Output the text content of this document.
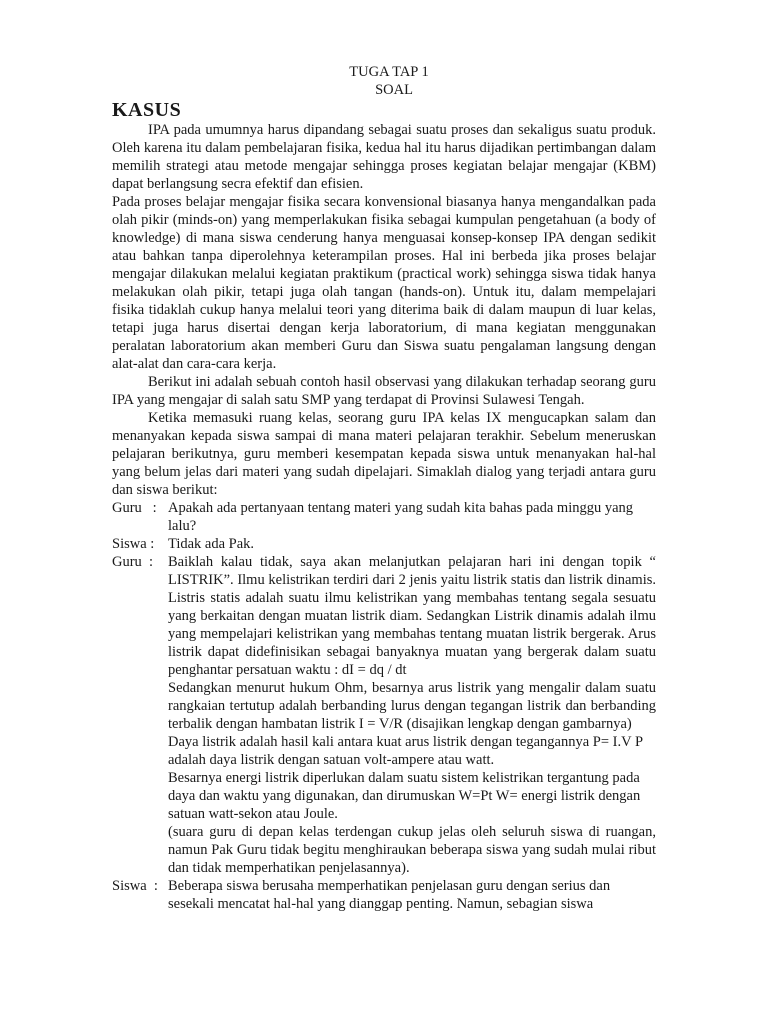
TUGA TAP 1
SOAL
KASUS

IPA pada umumnya harus dipandang sebagai suatu proses dan sekaligus suatu produk. Oleh karena itu dalam pembelajaran fisika, kedua hal itu harus dijadikan pertimbangan dalam memilih strategi atau metode mengajar sehingga proses kegiatan belajar mengajar (KBM) dapat berlangsung secra efektif dan efisien.

Pada proses belajar mengajar fisika secara konvensional biasanya hanya mengandalkan pada olah pikir (minds-on) yang memperlakukan fisika sebagai kumpulan pengetahuan (a body of knowledge) di mana siswa cenderung hanya menguasai konsep-konsep IPA dengan sedikit atau bahkan tanpa diperolehnya keterampilan proses. Hal ini berbeda jika proses belajar mengajar dilakukan melalui kegiatan praktikum (practical work) sehingga siswa tidak hanya melakukan olah pikir, tetapi juga olah tangan (hands-on). Untuk itu, dalam mempelajari fisika tidaklah cukup hanya melalui teori yang diterima baik di dalam maupun di luar kelas, tetapi juga harus disertai dengan kerja laboratorium, di mana kegiatan menggunakan peralatan laboratorium akan memberi Guru dan Siswa suatu pengalaman langsung dengan alat-alat dan cara-cara kerja.

Berikut ini adalah sebuah contoh hasil observasi yang dilakukan terhadap seorang guru IPA yang mengajar di salah satu SMP yang terdapat di Provinsi Sulawesi Tengah.

Ketika memasuki ruang kelas, seorang guru IPA kelas IX mengucapkan salam dan menanyakan kepada siswa sampai di mana materi pelajaran terakhir. Sebelum meneruskan pelajaran berikutnya, guru memberi kesempatan kepada siswa untuk menanyakan hal-hal yang belum jelas dari materi yang sudah dipelajari. Simaklah dialog yang terjadi antara guru dan siswa berikut:

Guru   : Apakah ada pertanyaan tentang materi yang sudah kita bahas pada minggu yang lalu?

Siswa : Tidak ada Pak.

Guru  :	Baiklah kalau tidak, saya akan melanjutkan pelajaran hari ini dengan topik “ LISTRIK”. Ilmu kelistrikan terdiri dari 2 jenis yaitu listrik statis dan listrik dinamis. Listris statis adalah suatu ilmu kelistrikan yang membahas tentang segala sesuatu yang berkaitan dengan muatan listrik diam. Sedangkan Listrik dinamis adalah ilmu yang mempelajari kelistrikan yang membahas tentang muatan listrik bergerak. Arus listrik dapat didefinisikan sebagai banyaknya muatan yang bergerak dalam suatu penghantar persatuan waktu : dI = dq / dt

Sedangkan menurut hukum Ohm, besarnya arus listrik yang mengalir dalam suatu rangkaian tertutup adalah berbanding lurus dengan tegangan listrik dan berbanding terbalik dengan hambatan listrik I = V/R (disajikan lengkap dengan gambarnya)

Daya listrik adalah hasil kali antara kuat arus listrik dengan tegangannya P= I.V P adalah daya listrik dengan satuan volt-ampere atau watt.

Besarnya energi listrik diperlukan dalam suatu sistem kelistrikan tergantung pada daya dan waktu yang digunakan, dan dirumuskan W=Pt W= energi listrik dengan satuan watt-sekon atau Joule.

(suara guru di depan kelas terdengan cukup jelas oleh seluruh siswa di ruangan, namun Pak Guru tidak begitu menghiraukan beberapa siswa yang sudah mulai ribut dan tidak memperhatikan penjelasannya).

Siswa  : Beberapa siswa berusaha memperhatikan penjelasan guru dengan serius dan sesekali mencatat hal-hal yang dianggap penting. Namun, sebagian siswa
